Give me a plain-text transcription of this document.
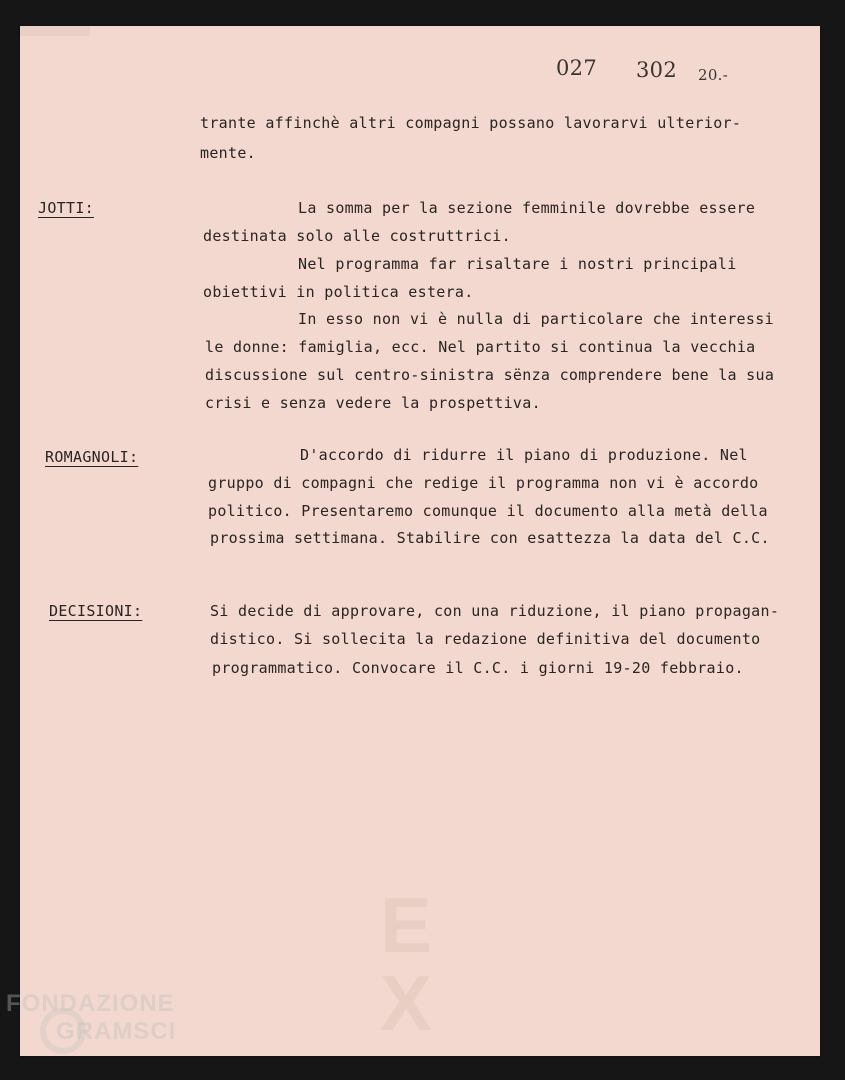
EX
027 302 20.-
trante affinchè altri compagni possano lavorarvi ulterior-
mente.
JOTTI:	La somma per la sezione femminile dovrebbe essere
destinata solo alle costruttrici.
Nel programma far risaltare i nostri principali
obiettivi in politica estera.
In esso non vi è nulla di particolare che interessi
le donne: famiglia, ecc. Nel partito si continua la vecchia
discussione sul centro-sinistra sënza comprendere bene la sua
crisi e senza vedere la prospettiva.
ROMAGNOLI:	D'accordo di ridurre il piano di produzione. Nel
gruppo di compagni che redige il programma non vi è accordo
politico. Presentaremo comunque il documento alla metà della
prossima settimana. Stabilire con esattezza la data del C.C.
DECISIONI:	Si decide di approvare, con una riduzione, il piano propagan-
distico. Si sollecita la redazione definitiva del documento
programmatico. Convocare il C.C. i giorni 19-20 febbraio.
FONDAZIONE
GRAMSCI
